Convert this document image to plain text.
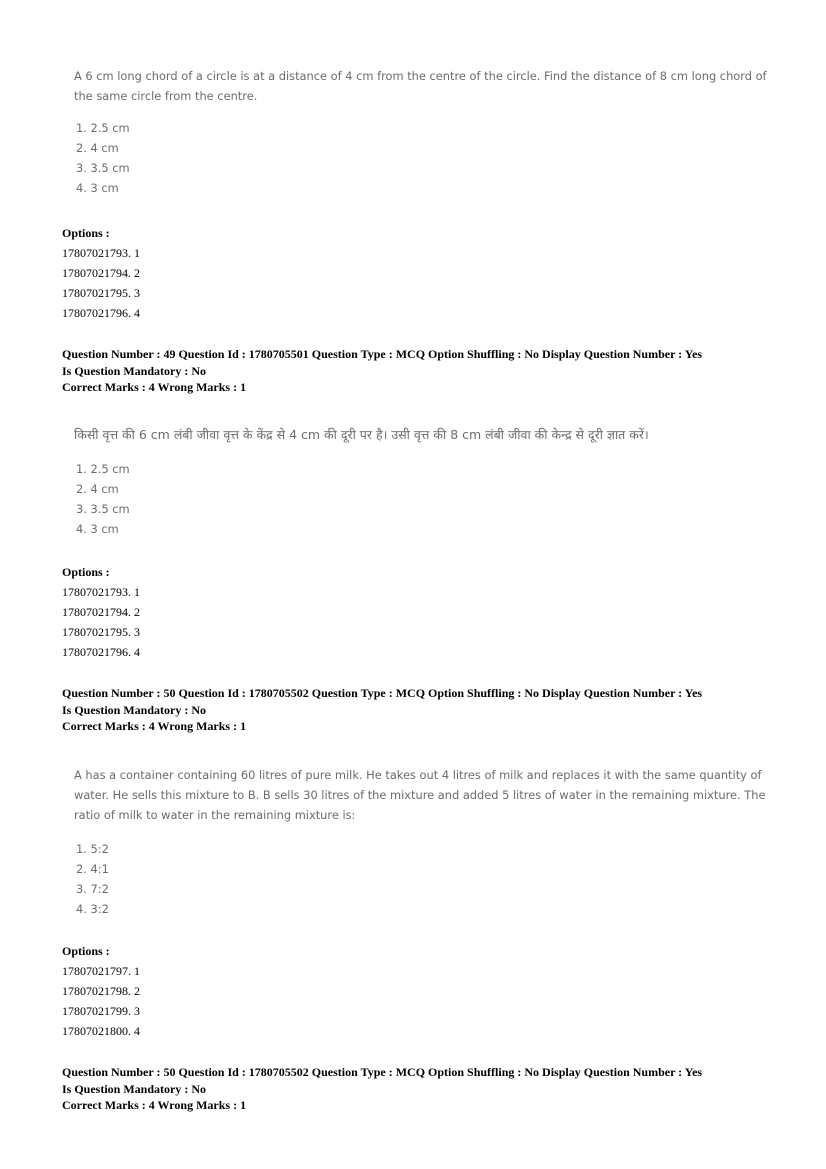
A 6 cm long chord of a circle is at a distance of 4 cm from the centre of the circle. Find the distance of 8 cm long chord of the same circle from the centre.

1. 2.5 cm
2. 4 cm
3. 3.5 cm
4. 3 cm
Options :
17807021793. 1
17807021794. 2
17807021795. 3
17807021796. 4
Question Number : 49 Question Id : 1780705501 Question Type : MCQ Option Shuffling : No Display Question Number : Yes
Is Question Mandatory : No
Correct Marks : 4 Wrong Marks : 1

किसी वृत्त की 6 cm लंबी जीवा वृत्त के केंद्र से 4 cm की दूरी पर है। उसी वृत्त की 8 cm लंबी जीवा की केन्द्र से दूरी ज्ञात करें।

1. 2.5 cm
2. 4 cm
3. 3.5 cm
4. 3 cm
Options :
17807021793. 1
17807021794. 2
17807021795. 3
17807021796. 4
Question Number : 50 Question Id : 1780705502 Question Type : MCQ Option Shuffling : No Display Question Number : Yes
Is Question Mandatory : No
Correct Marks : 4 Wrong Marks : 1

A has a container containing 60 litres of pure milk. He takes out 4 litres of milk and replaces it with the same quantity of water. He sells this mixture to B. B sells 30 litres of the mixture and added 5 litres of water in the remaining mixture. The ratio of milk to water in the remaining mixture is:

1. 5:2
2. 4:1
3. 7:2
4. 3:2
Options :
17807021797. 1
17807021798. 2
17807021799. 3
17807021800. 4
Question Number : 50 Question Id : 1780705502 Question Type : MCQ Option Shuffling : No Display Question Number : Yes
Is Question Mandatory : No
Correct Marks : 4 Wrong Marks : 1
